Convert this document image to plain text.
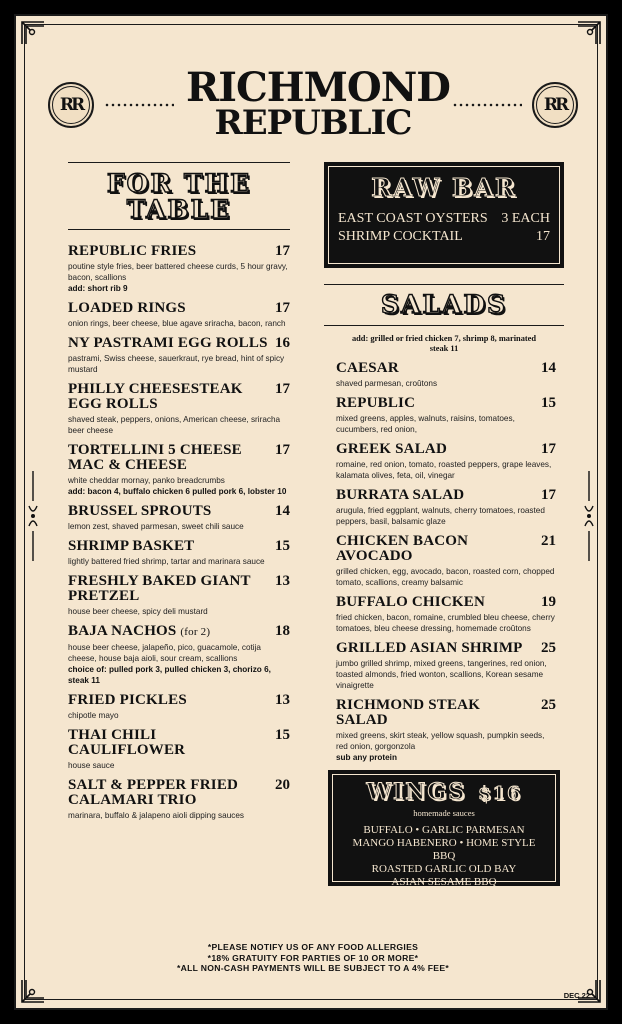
RR	RICHMOND
REPUBLIC	RR
FOR THE
TABLE
REPUBLIC FRIES	17
poutine style fries, beer battered cheese curds, 5 hour gravy, bacon, scallions
add: short rib 9
LOADED RINGS	17
onion rings, beer cheese, blue agave sriracha, bacon, ranch
NY PASTRAMI EGG ROLLS 16
pastrami, Swiss cheese, sauerkraut, rye bread, hint of spicy mustard
PHILLY CHEESESTEAK EGG ROLLS
17
shaved steak, peppers, onions, American cheese, sriracha beer cheese
TORTELLINI 5 CHEESE MAC & CHEESE
17
white cheddar mornay, panko breadcrumbs
add: bacon 4, buffalo chicken 6 pulled pork 6, lobster 10
BRUSSEL SPROUTS	14
lemon zest, shaved parmesan, sweet chili sauce
SHRIMP BASKET	15
lightly battered fried shrimp, tartar and marinara sauce
FRESHLY BAKED GIANT PRETZEL
13
house beer cheese, spicy deli mustard
BAJA NACHOS (for 2)	18
house beer cheese, jalapeño, pico, guacamole, cotija cheese, house baja aioli, sour cream, scallions
choice of: pulled pork 3, pulled chicken 3, chorizo 6, steak 11
FRIED PICKLES	13
chipotle mayo
THAI CHILI CAULIFLOWER
15
house sauce
SALT & PEPPER FRIED CALAMARI TRIO
20
marinara, buffalo & jalapeno aioli dipping sauces
RAW BAR
EAST COAST OYSTERS 3 EACH
SHRIMP COCKTAIL	17
SALADS
add: grilled or fried chicken 7, shrimp 8, marinated steak 11
CAESAR	14
shaved parmesan, croûtons
REPUBLIC	15
mixed greens, apples, walnuts, raisins, tomatoes, cucumbers, red onion,
GREEK SALAD	17
romaine, red onion, tomato, roasted peppers, grape leaves, kalamata olives, feta, oil, vinegar
BURRATA SALAD	17
arugula, fried eggplant, walnuts, cherry tomatoes, roasted peppers, basil, balsamic glaze
CHICKEN BACON AVOCADO
21
grilled chicken, egg, avocado, bacon, roasted corn, chopped tomato, scallions, creamy balsamic
BUFFALO CHICKEN	19
fried chicken, bacon, romaine, crumbled bleu cheese, cherry tomatoes, bleu cheese dressing, homemade croûtons
GRILLED ASIAN SHRIMP 25
jumbo grilled shrimp, mixed greens, tangerines, red onion, toasted almonds, fried wonton, scallions, Korean sesame vinaigrette
RICHMOND STEAK SALAD
25
mixed greens, skirt steak, yellow squash, pumpkin seeds, red onion, gorgonzola
sub any protein
WINGS $16
homemade sauces
BUFFALO • GARLIC PARMESAN
MANGO HABENERO • HOME STYLE BBQ
ROASTED GARLIC OLD BAY
ASIAN SESAME BBQ
*PLEASE NOTIFY US OF ANY FOOD ALLERGIES
*18% GRATUITY FOR PARTIES OF 10 OR MORE*
*ALL NON-CASH PAYMENTS WILL BE SUBJECT TO A 4% FEE*
DEC 22
